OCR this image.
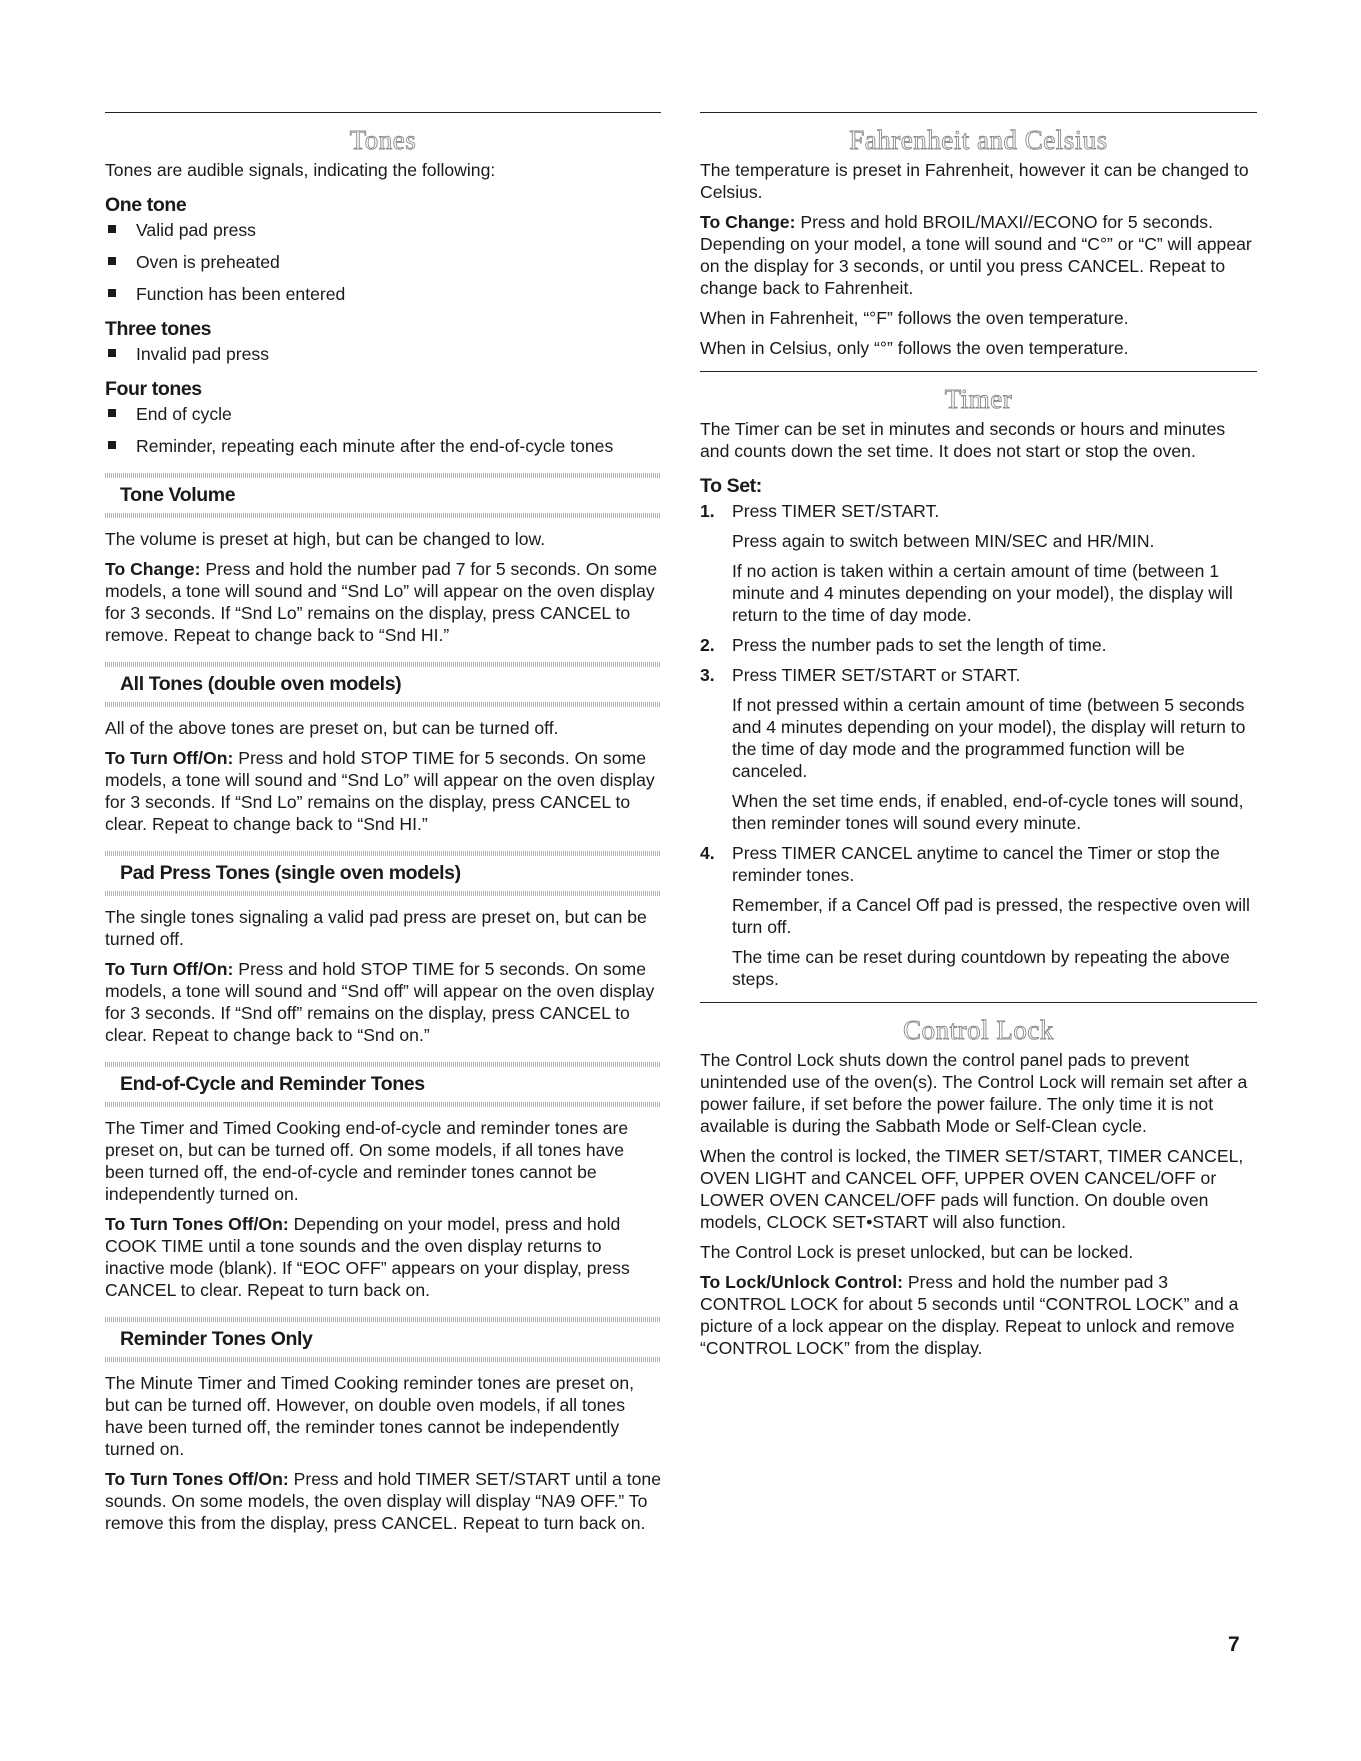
Tones

Tones are audible signals, indicating the following:

One tone
Valid pad press
Oven is preheated
Function has been entered
Three tones
Invalid pad press
Four tones
End of cycle
Reminder, repeating each minute after the end-of-cycle tones
Tone Volume

The volume is preset at high, but can be changed to low.

To Change: Press and hold the number pad 7 for 5 seconds. On some models, a tone will sound and “Snd Lo” will appear on the oven display for 3 seconds. If “Snd Lo” remains on the display, press CANCEL to remove. Repeat to change back to “Snd HI.”

All Tones (double oven models)

All of the above tones are preset on, but can be turned off.

To Turn Off/On: Press and hold STOP TIME for 5 seconds. On some models, a tone will sound and “Snd Lo” will appear on the oven display for 3 seconds. If “Snd Lo” remains on the display, press CANCEL to clear. Repeat to change back to “Snd HI.”

Pad Press Tones (single oven models)

The single tones signaling a valid pad press are preset on, but can be turned off.

To Turn Off/On: Press and hold STOP TIME for 5 seconds. On some models, a tone will sound and “Snd off” will appear on the oven display for 3 seconds. If “Snd off” remains on the display, press CANCEL to clear. Repeat to change back to “Snd on.”

End-of-Cycle and Reminder Tones

The Timer and Timed Cooking end-of-cycle and reminder tones are preset on, but can be turned off. On some models, if all tones have been turned off, the end-of-cycle and reminder tones cannot be independently turned on.

To Turn Tones Off/On: Depending on your model, press and hold COOK TIME until a tone sounds and the oven display returns to inactive mode (blank). If “EOC OFF” appears on your display, press CANCEL to clear. Repeat to turn back on.

Reminder Tones Only

The Minute Timer and Timed Cooking reminder tones are preset on, but can be turned off. However, on double oven models, if all tones have been turned off, the reminder tones cannot be independently turned on.

To Turn Tones Off/On: Press and hold TIMER SET/START until a tone sounds. On some models, the oven display will display “NA9 OFF.” To remove this from the display, press CANCEL. Repeat to turn back on.

Fahrenheit and Celsius

The temperature is preset in Fahrenheit, however it can be changed to Celsius.

To Change: Press and hold BROIL/MAXI//ECONO for 5 seconds. Depending on your model, a tone will sound and “C°” or “C” will appear on the display for 3 seconds, or until you press CANCEL. Repeat to change back to Fahrenheit.

When in Fahrenheit, “°F” follows the oven temperature.

When in Celsius, only “°” follows the oven temperature.

Timer

The Timer can be set in minutes and seconds or hours and minutes and counts down the set time. It does not start or stop the oven.

To Set:
1. Press TIMER SET/START.

Press again to switch between MIN/SEC and HR/MIN.

If no action is taken within a certain amount of time (between 1 minute and 4 minutes depending on your model), the display will return to the time of day mode.

2. Press the number pads to set the length of time.

3. Press TIMER SET/START or START.

If not pressed within a certain amount of time (between 5 seconds and 4 minutes depending on your model), the display will return to the time of day mode and the programmed function will be canceled.

When the set time ends, if enabled, end-of-cycle tones will sound, then reminder tones will sound every minute.

4. Press TIMER CANCEL anytime to cancel the Timer or stop the reminder tones.

Remember, if a Cancel Off pad is pressed, the respective oven will turn off.

The time can be reset during countdown by repeating the above steps.

Control Lock

The Control Lock shuts down the control panel pads to prevent unintended use of the oven(s). The Control Lock will remain set after a power failure, if set before the power failure. The only time it is not available is during the Sabbath Mode or Self-Clean cycle.

When the control is locked, the TIMER SET/START, TIMER CANCEL, OVEN LIGHT and CANCEL OFF, UPPER OVEN CANCEL/OFF or LOWER OVEN CANCEL/OFF pads will function. On double oven models, CLOCK SET•START will also function.

The Control Lock is preset unlocked, but can be locked.

To Lock/Unlock Control: Press and hold the number pad 3 CONTROL LOCK for about 5 seconds until “CONTROL LOCK” and a picture of a lock appear on the display. Repeat to unlock and remove “CONTROL LOCK” from the display.

7
